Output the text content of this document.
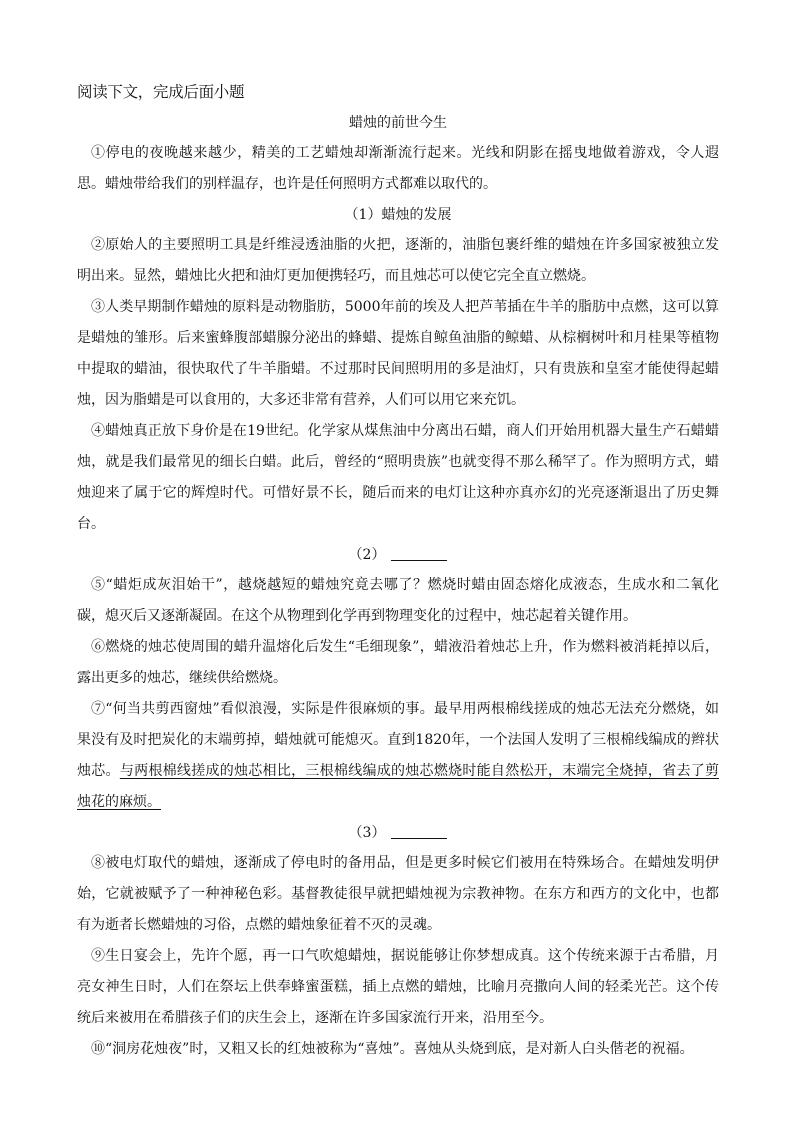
阅读下文，完成后面小题

蜡烛的前世今生

①停电的夜晚越来越少，精美的工艺蜡烛却渐渐流行起来。光线和阴影在摇曳地做着游戏，令人遐思。蜡烛带给我们的别样温存，也许是任何照明方式都难以取代的。

（1）蜡烛的发展

②原始人的主要照明工具是纤维浸透油脂的火把，逐渐的，油脂包裹纤维的蜡烛在许多国家被独立发明出来。显然，蜡烛比火把和油灯更加便携轻巧，而且烛芯可以使它完全直立燃烧。

③人类早期制作蜡烛的原料是动物脂肪，5000年前的埃及人把芦苇插在牛羊的脂肪中点燃，这可以算是蜡烛的雏形。后来蜜蜂腹部蜡腺分泌出的蜂蜡、提炼自鲸鱼油脂的鲸蜡、从棕榈树叶和月桂果等植物中提取的蜡油，很快取代了牛羊脂蜡。不过那时民间照明用的多是油灯，只有贵族和皇室才能使得起蜡烛，因为脂蜡是可以食用的，大多还非常有营养，人们可以用它来充饥。

④蜡烛真正放下身价是在19世纪。化学家从煤焦油中分离出石蜡，商人们开始用机器大量生产石蜡蜡烛，就是我们最常见的细长白蜡。此后，曾经的“照明贵族”也就变得不那么稀罕了。作为照明方式，蜡烛迎来了属于它的辉煌时代。可惜好景不长，随后而来的电灯让这种亦真亦幻的光亮逐渐退出了历史舞台。

（2）

⑤“蜡炬成灰泪始干”，越烧越短的蜡烛究竟去哪了？燃烧时蜡由固态熔化成液态，生成水和二氧化碳，熄灭后又逐渐凝固。在这个从物理到化学再到物理变化的过程中，烛芯起着关键作用。

⑥燃烧的烛芯使周围的蜡升温熔化后发生“毛细现象”，蜡液沿着烛芯上升，作为燃料被消耗掉以后，露出更多的烛芯，继续供给燃烧。

⑦“何当共剪西窗烛”看似浪漫，实际是件很麻烦的事。最早用两根棉线搓成的烛芯无法充分燃烧，如果没有及时把炭化的末端剪掉，蜡烛就可能熄灭。直到1820年，一个法国人发明了三根棉线编成的辫状烛芯。与两根棉线搓成的烛芯相比，三根棉线编成的烛芯燃烧时能自然松开，末端完全烧掉，省去了剪烛花的麻烦。

（3）

⑧被电灯取代的蜡烛，逐渐成了停电时的备用品，但是更多时候它们被用在特殊场合。在蜡烛发明伊始，它就被赋予了一种神秘色彩。基督教徒很早就把蜡烛视为宗教神物。在东方和西方的文化中，也都有为逝者长燃蜡烛的习俗，点燃的蜡烛象征着不灭的灵魂。

⑨生日宴会上，先许个愿，再一口气吹熄蜡烛，据说能够让你梦想成真。这个传统来源于古希腊，月亮女神生日时，人们在祭坛上供奉蜂蜜蛋糕，插上点燃的蜡烛，比喻月亮撒向人间的轻柔光芒。这个传统后来被用在希腊孩子们的庆生会上，逐渐在许多国家流行开来，沿用至今。

⑩“洞房花烛夜”时，又粗又长的红烛被称为“喜烛”。喜烛从头烧到底，是对新人白头偕老的祝福。
